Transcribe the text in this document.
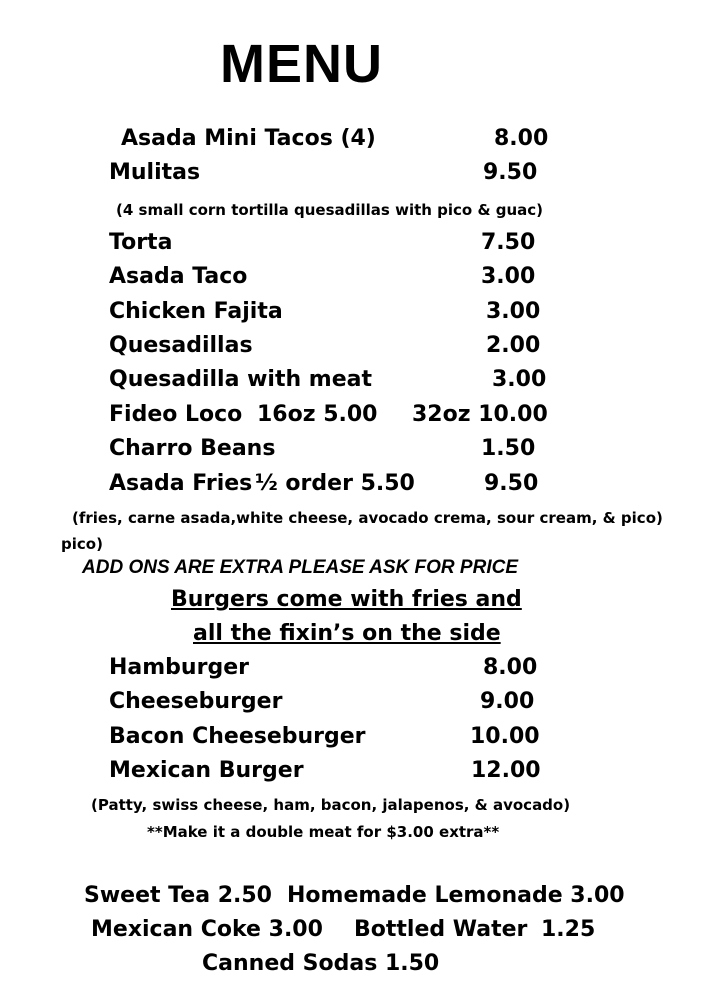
MENU
Asada Mini Tacos (4)	8.00
Mulitas	9.50
(4 small corn tortilla quesadillas with pico & guac)
Torta	7.50
Asada Taco	3.00
Chicken Fajita	3.00
Quesadillas	2.00
Quesadilla with meat	3.00
Fideo Loco 16oz 5.00 32oz 10.00
Charro Beans	1.50
Asada Fries ½ order 5.50	9.50
(fries, carne asada,white cheese, avocado crema, sour cream, & pico)
pico)
ADD ONS ARE EXTRA PLEASE ASK FOR PRICE
Burgers come with fries and
all the fixin’s on the side
Hamburger	8.00
Cheeseburger	9.00
Bacon Cheeseburger	10.00
Mexican Burger	12.00
(Patty, swiss cheese, ham, bacon, jalapenos, & avocado)
**Make it a double meat for $3.00 extra**
Sweet Tea 2.50 Homemade Lemonade 3.00
Mexican Coke 3.00 Bottled Water 1.25
Canned Sodas 1.50
